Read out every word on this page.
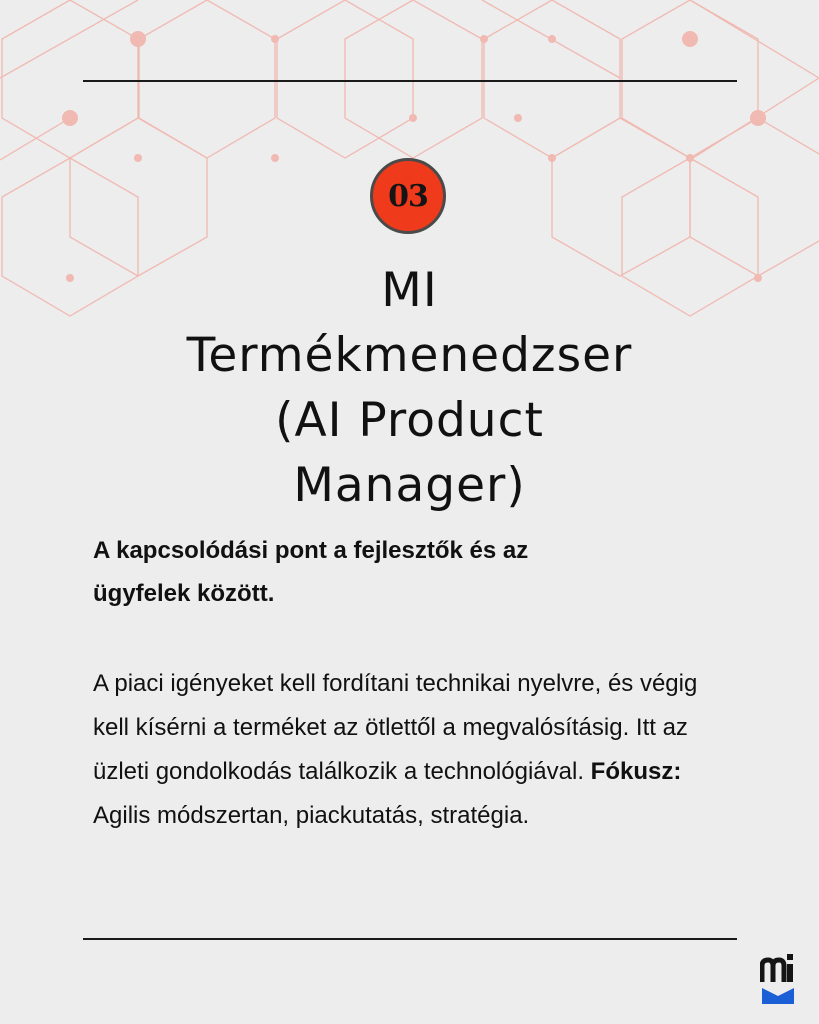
03
MI
Termékmenedzser
(AI Product
Manager)

A kapcsolódási pont a fejlesztők és az
ügyfelek között.

A piaci igényeket kell fordítani technikai nyelvre, és végig kell kísérni a terméket az ötlettől a megvalósításig. Itt az üzleti gondolkodás találkozik a technológiával. Fókusz: Agilis módszertan, piackutatás, stratégia.
